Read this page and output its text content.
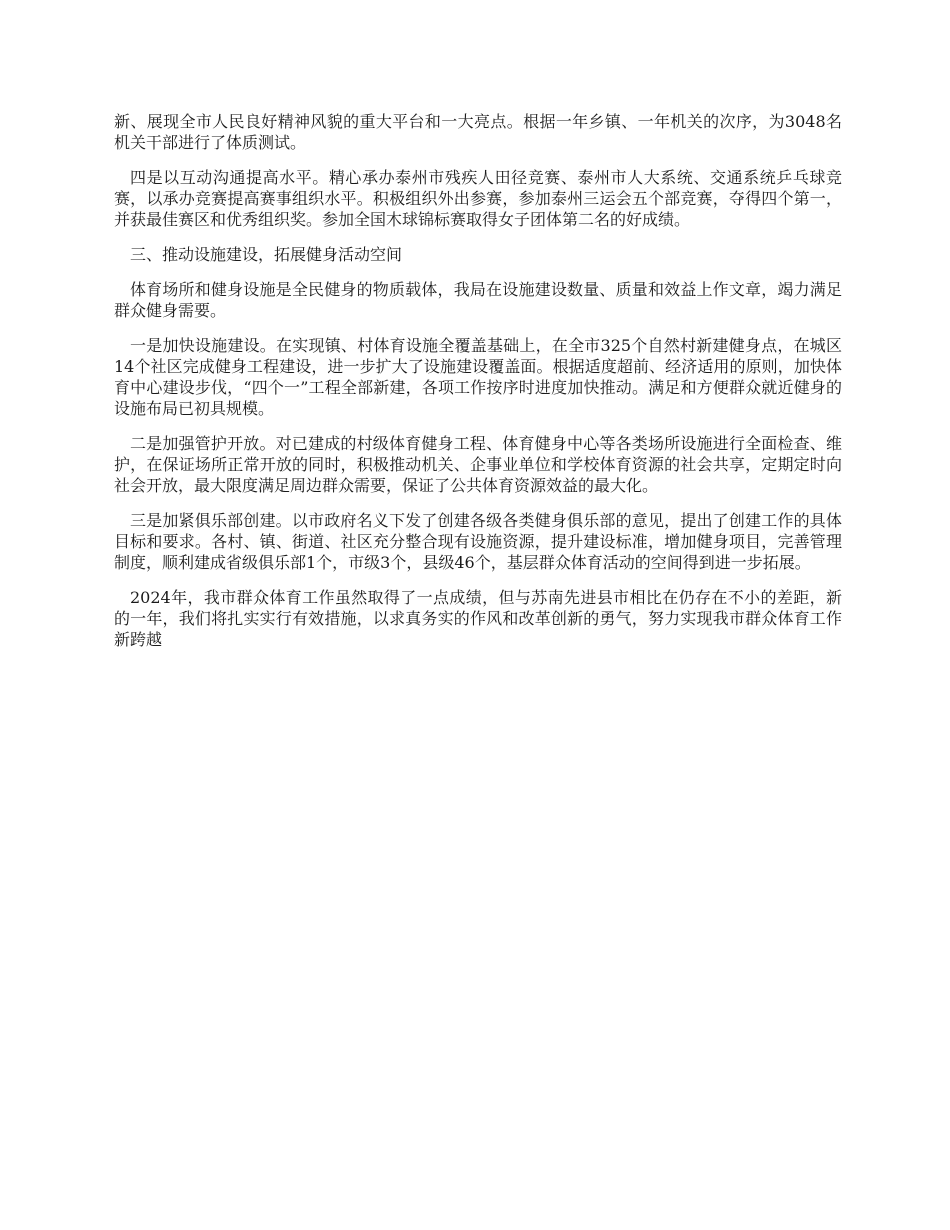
新、展现全市人民良好精神风貌的重大平台和一大亮点。根据一年乡镇、一年机关的次序，为3048名机关干部进行了体质测试。

四是以互动沟通提高水平。精心承办泰州市残疾人田径竞赛、泰州市人大系统、交通系统乒乓球竞赛，以承办竞赛提高赛事组织水平。积极组织外出参赛，参加泰州三运会五个部竞赛，夺得四个第一，并获最佳赛区和优秀组织奖。参加全国木球锦标赛取得女子团体第二名的好成绩。

三、推动设施建设，拓展健身活动空间

体育场所和健身设施是全民健身的物质载体，我局在设施建设数量、质量和效益上作文章，竭力满足群众健身需要。

一是加快设施建设。在实现镇、村体育设施全覆盖基础上，在全市325个自然村新建健身点，在城区14个社区完成健身工程建设，进一步扩大了设施建设覆盖面。根据适度超前、经济适用的原则，加快体育中心建设步伐，“四个一”工程全部新建，各项工作按序时进度加快推动。满足和方便群众就近健身的设施布局已初具规模。

二是加强管护开放。对已建成的村级体育健身工程、体育健身中心等各类场所设施进行全面检查、维护，在保证场所正常开放的同时，积极推动机关、企事业单位和学校体育资源的社会共享，定期定时向社会开放，最大限度满足周边群众需要，保证了公共体育资源效益的最大化。

三是加紧俱乐部创建。以市政府名义下发了创建各级各类健身俱乐部的意见，提出了创建工作的具体目标和要求。各村、镇、街道、社区充分整合现有设施资源，提升建设标准，增加健身项目，完善管理制度，顺利建成省级俱乐部1个，市级3个，县级46个，基层群众体育活动的空间得到进一步拓展。

2024年，我市群众体育工作虽然取得了一点成绩，但与苏南先进县市相比在仍存在不小的差距，新的一年，我们将扎实实行有效措施，以求真务实的作风和改革创新的勇气，努力实现我市群众体育工作新跨越
